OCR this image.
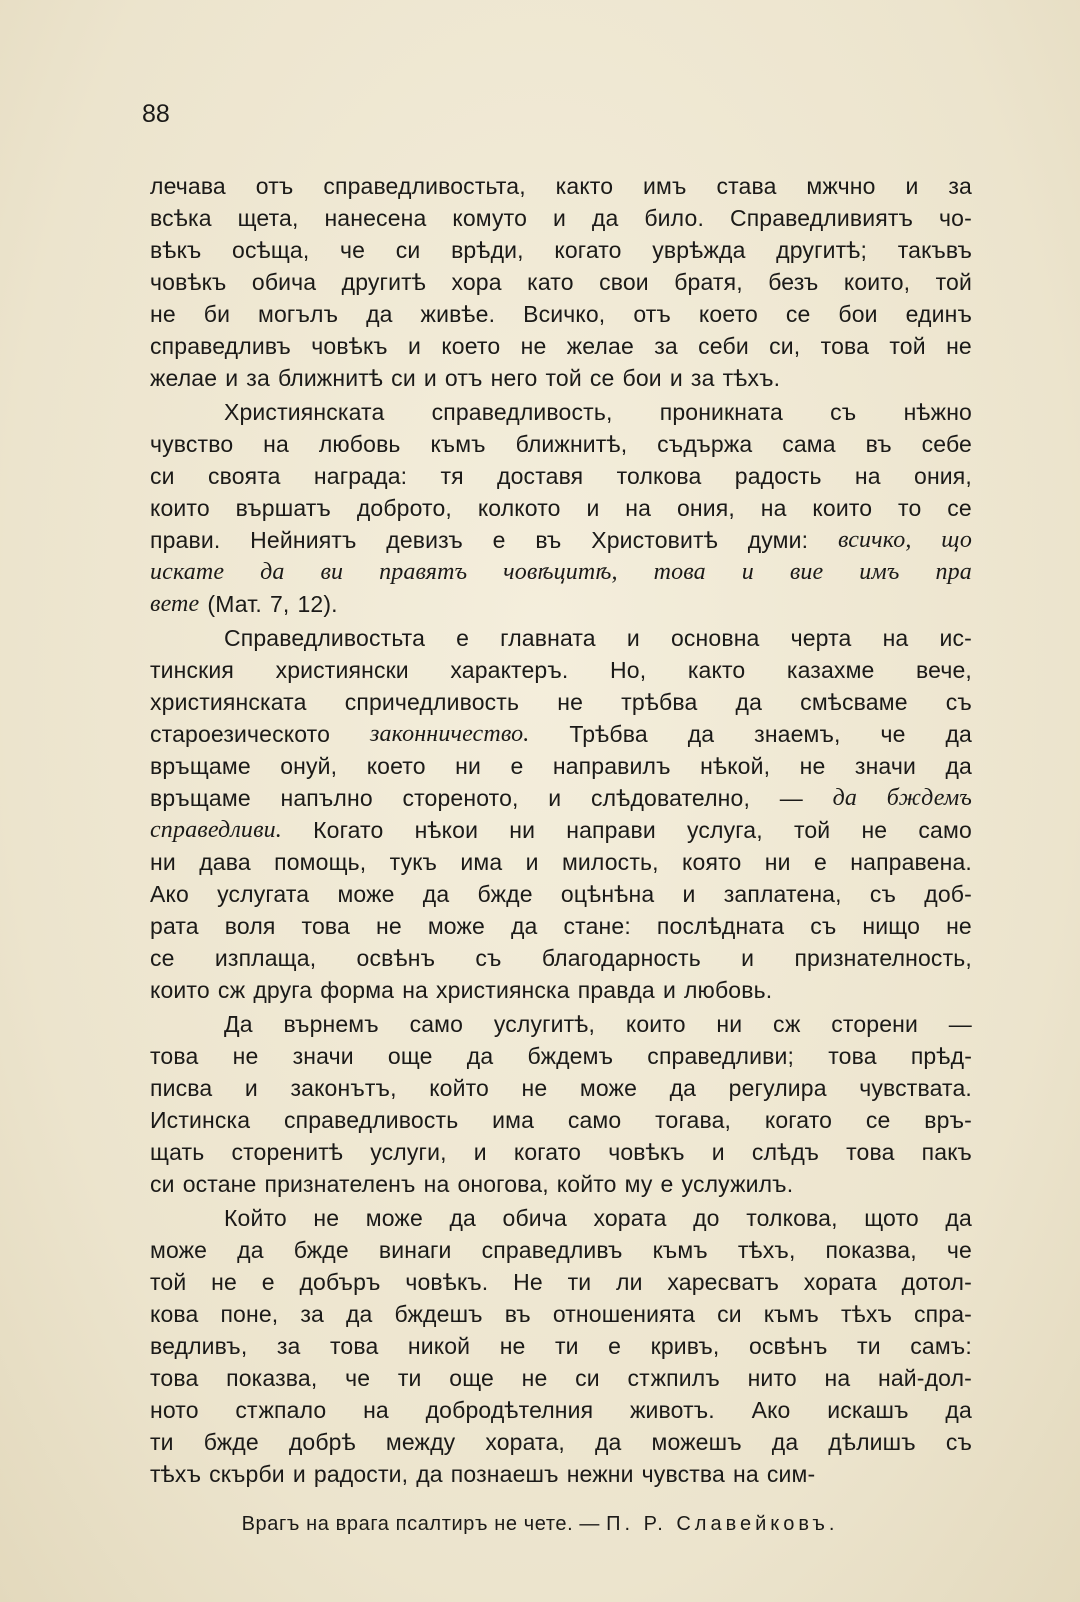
88
лечава отъ справедливостьта, както имъ става мжчно и за
всѣка щета, нанесена комуто и да било. Справедливиятъ чо-
вѣкъ осѣща, че си врѣди, когато уврѣжда другитѣ; такъвъ
човѣкъ обича другитѣ хора като свои братя, безъ които, той
не би могълъ да живѣе. Всичко, отъ което се бои единъ
справедливъ човѣкъ и което не желае за себи си, това той не
желае и за ближнитѣ си и отъ него той се бои и за тѣхъ.
Християнската справедливость, проникната съ нѣжно
чувство на любовь къмъ ближнитѣ, съдържа сама въ себе
си своята награда: тя доставя толкова радость на ония,
които вършатъ доброто, колкото и на ония, на които то се
прави. Нейниятъ девизъ е въ Христовитѣ думи: всичко, що
искате да ви правятъ човѣцитѣ, това и вие имъ пра
вете (Мат. 7, 12).
Справедливостьта е главната и основна черта на ис-
тинския християнски характеръ. Но, както казахме вече,
християнската спричедливость не трѣбва да смѣсваме съ
староезическото законничество. Трѣбва да знаемъ, че да
връщаме онуй, което ни е направилъ нѣкой, не значи да
връщаме напълно стореното, и слѣдователно, — да бждемъ
справедливи. Когато нѣкои ни направи услуга, той не само
ни дава помощь, тукъ има и милость, която ни е направена.
Ако услугата може да бжде оцѣнѣна и заплатена, съ доб-
рата воля това не може да стане: послѣдната съ нищо не
се изплаща, освѣнъ съ благодарность и признателность,
които сж друга форма на християнска правда и любовь.
Да върнемъ само услугитѣ, които ни сж сторени —
това не значи още да бждемъ справедливи; това прѣд-
писва и законътъ, който не може да регулира чувствата.
Истинска справедливость има само тогава, когато се връ-
щать сторенитѣ услуги, и когато човѣкъ и слѣдъ това пакъ
си остане признателенъ на оногова, който му е услужилъ.
Който не може да обича хората до толкова, щото да
може да бжде винаги справедливъ къмъ тѣхъ, показва, че
той не е добъръ човѣкъ. Не ти ли харесватъ хората дотол-
кова поне, за да бждешъ въ отношенията си къмъ тѣхъ спра-
ведливъ, за това никой не ти е кривъ, освѣнъ ти самъ:
това показва, че ти още не си стжпилъ нито на най-дол-
ното стжпало на добродѣтелния животъ. Ако искашъ да
ти бжде добрѣ между хората, да можешъ да дѣлишъ съ
тѣхъ скърби и радости, да познаешъ нежни чувства на сим-
Врагъ на врага псалтиръ не чете. — П. Р. Славейковъ.
